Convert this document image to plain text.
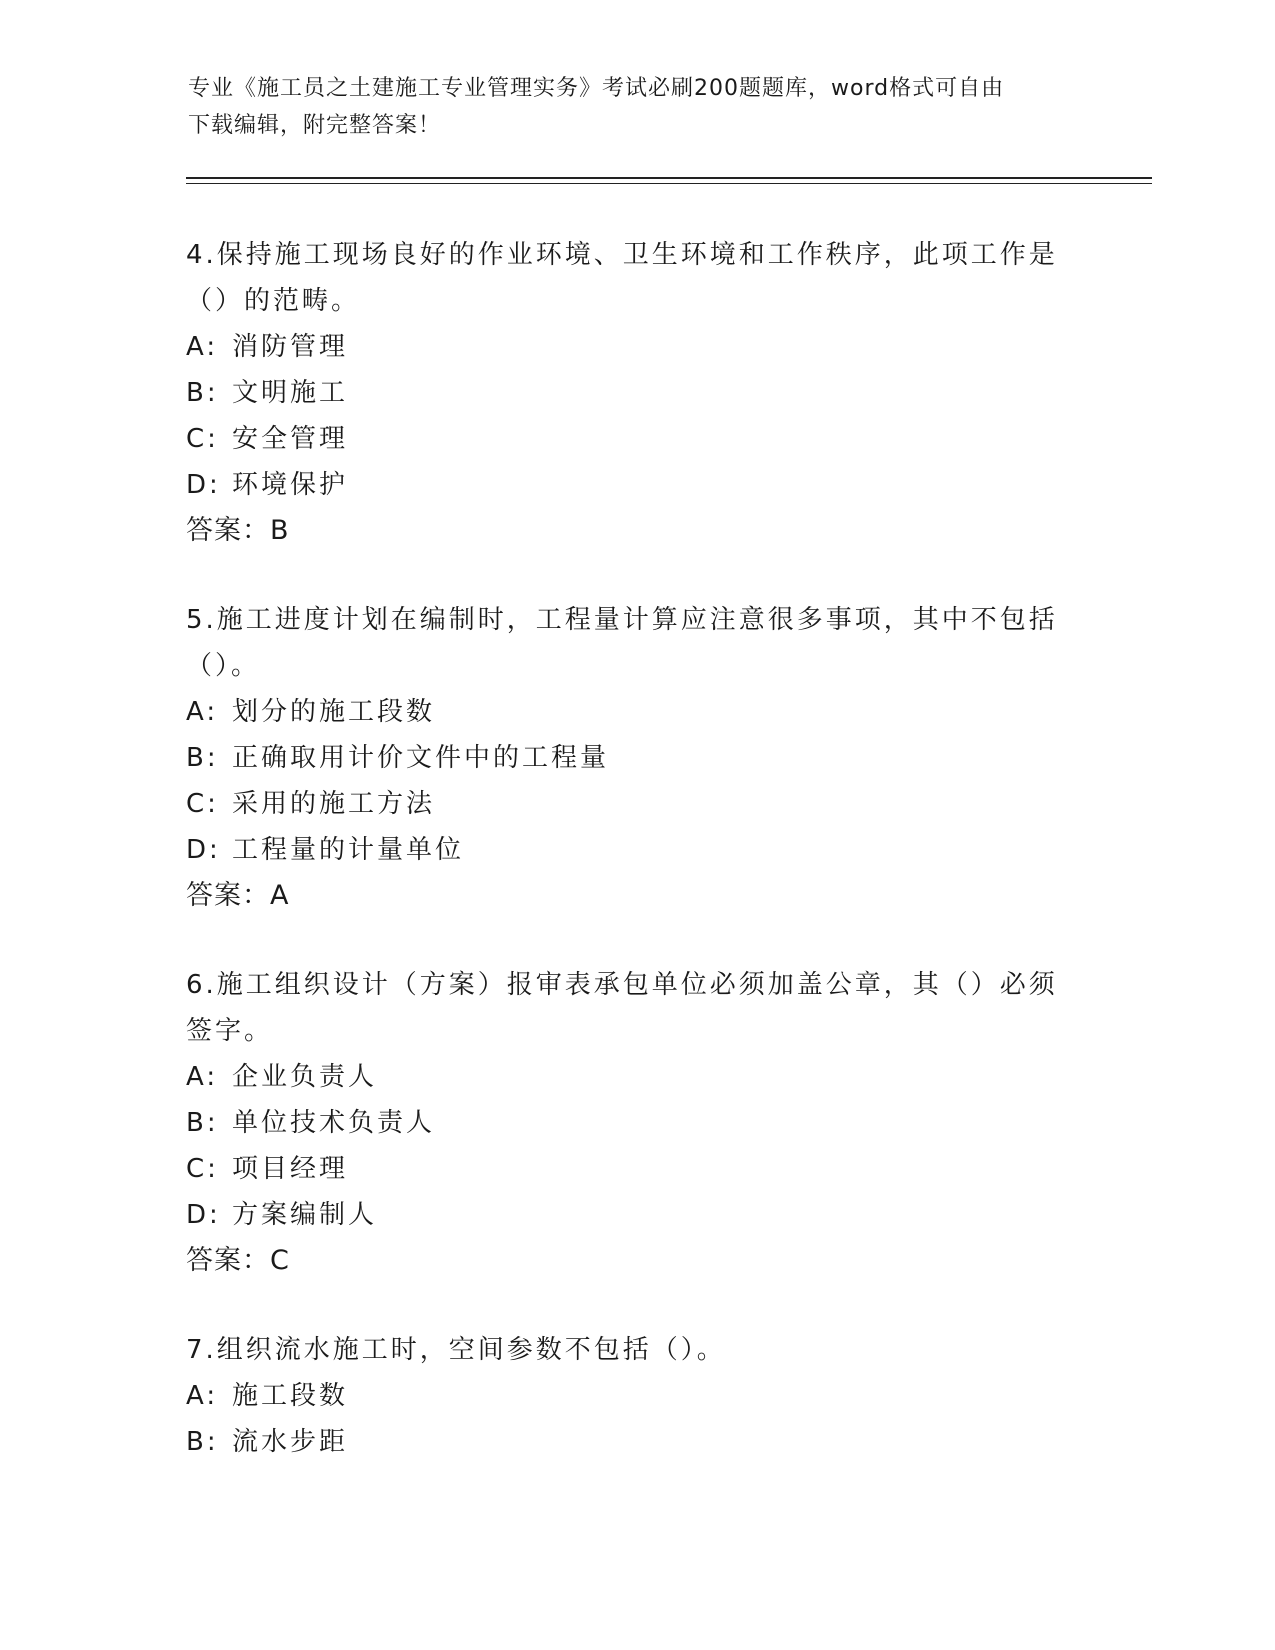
专业《施工员之土建施工专业管理实务》考试必刷200题题库，word格式可自由
下载编辑，附完整答案！

4.保持施工现场良好的作业环境、卫生环境和工作秩序，此项工作是

（）的范畴。

A: 消防管理

B: 文明施工

C: 安全管理

D: 环境保护

答案：B

5.施工进度计划在编制时，工程量计算应注意很多事项，其中不包括

（）。

A: 划分的施工段数

B: 正确取用计价文件中的工程量

C: 采用的施工方法

D: 工程量的计量单位

答案：A

6.施工组织设计（方案）报审表承包单位必须加盖公章，其（）必须

签字。

A: 企业负责人

B: 单位技术负责人

C: 项目经理

D: 方案编制人

答案：C

7.组织流水施工时，空间参数不包括（）。

A: 施工段数

B: 流水步距
